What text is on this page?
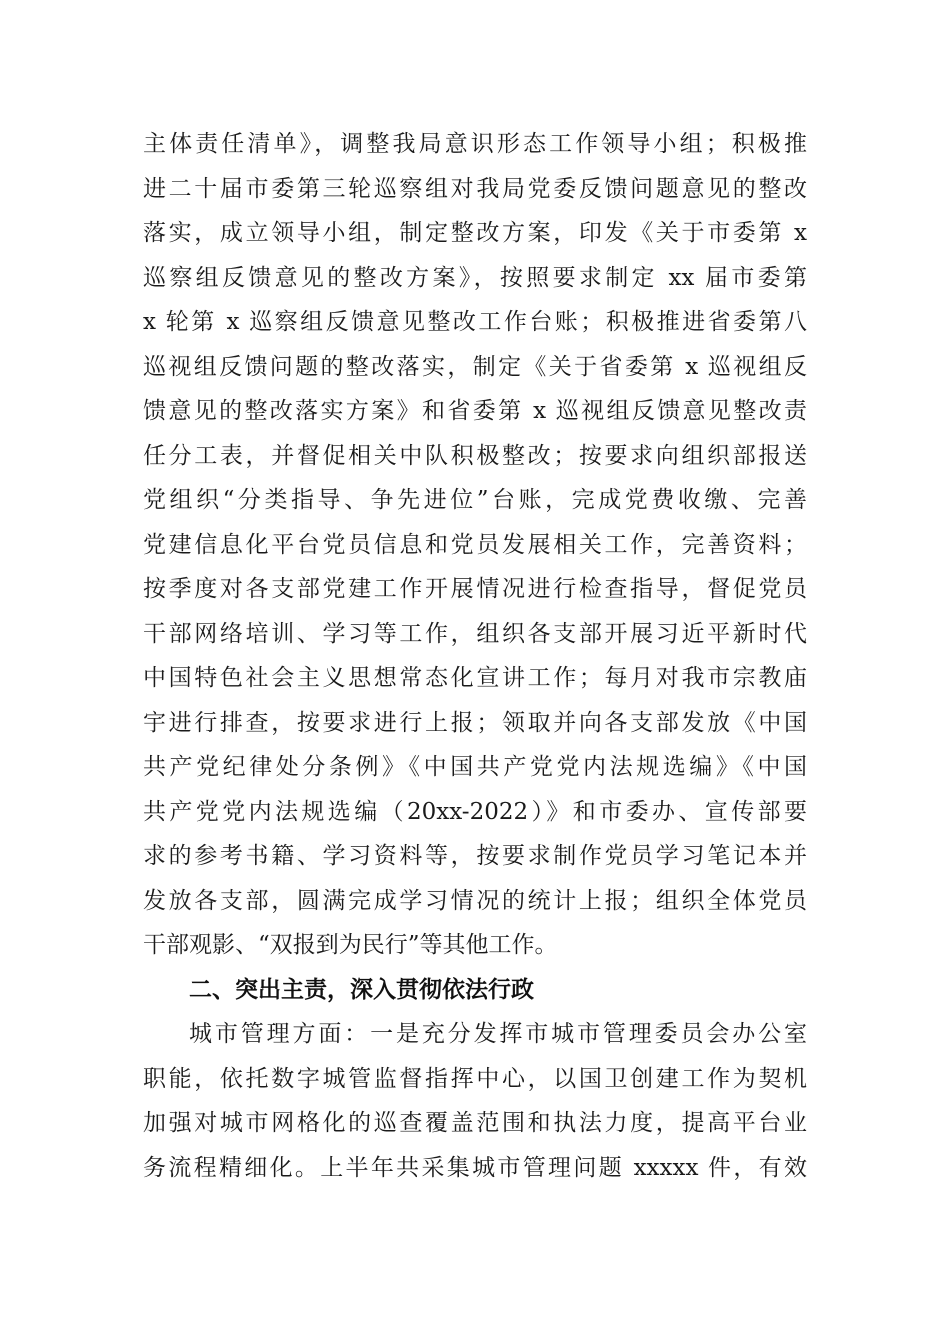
主体责任清单》，调整我局意识形态工作领导小组；积极推
进二十届市委第三轮巡察组对我局党委反馈问题意见的整改
落实，成立领导小组，制定整改方案，印发《关于市委第 x
巡察组反馈意见的整改方案》，按照要求制定 xx 届市委第
x 轮第 x 巡察组反馈意见整改工作台账；积极推进省委第八
巡视组反馈问题的整改落实，制定《关于省委第 x 巡视组反
馈意见的整改落实方案》和省委第 x 巡视组反馈意见整改责
任分工表，并督促相关中队积极整改；按要求向组织部报送
党组织“分类指导、争先进位”台账，完成党费收缴、完善
党建信息化平台党员信息和党员发展相关工作，完善资料；
按季度对各支部党建工作开展情况进行检查指导，督促党员
干部网络培训、学习等工作，组织各支部开展习近平新时代
中国特色社会主义思想常态化宣讲工作；每月对我市宗教庙
宇进行排查，按要求进行上报；领取并向各支部发放《中国
共产党纪律处分条例》《中国共产党党内法规选编》《中国
共产党党内法规选编（20xx-2022）》和市委办、宣传部要
求的参考书籍、学习资料等，按要求制作党员学习笔记本并
发放各支部，圆满完成学习情况的统计上报；组织全体党员
干部观影、“双报到为民行”等其他工作。
二、突出主责，深入贯彻依法行政
城市管理方面：一是充分发挥市城市管理委员会办公室
职能，依托数字城管监督指挥中心，以国卫创建工作为契机
加强对城市网格化的巡查覆盖范围和执法力度，提高平台业
务流程精细化。上半年共采集城市管理问题 xxxxx 件，有效
